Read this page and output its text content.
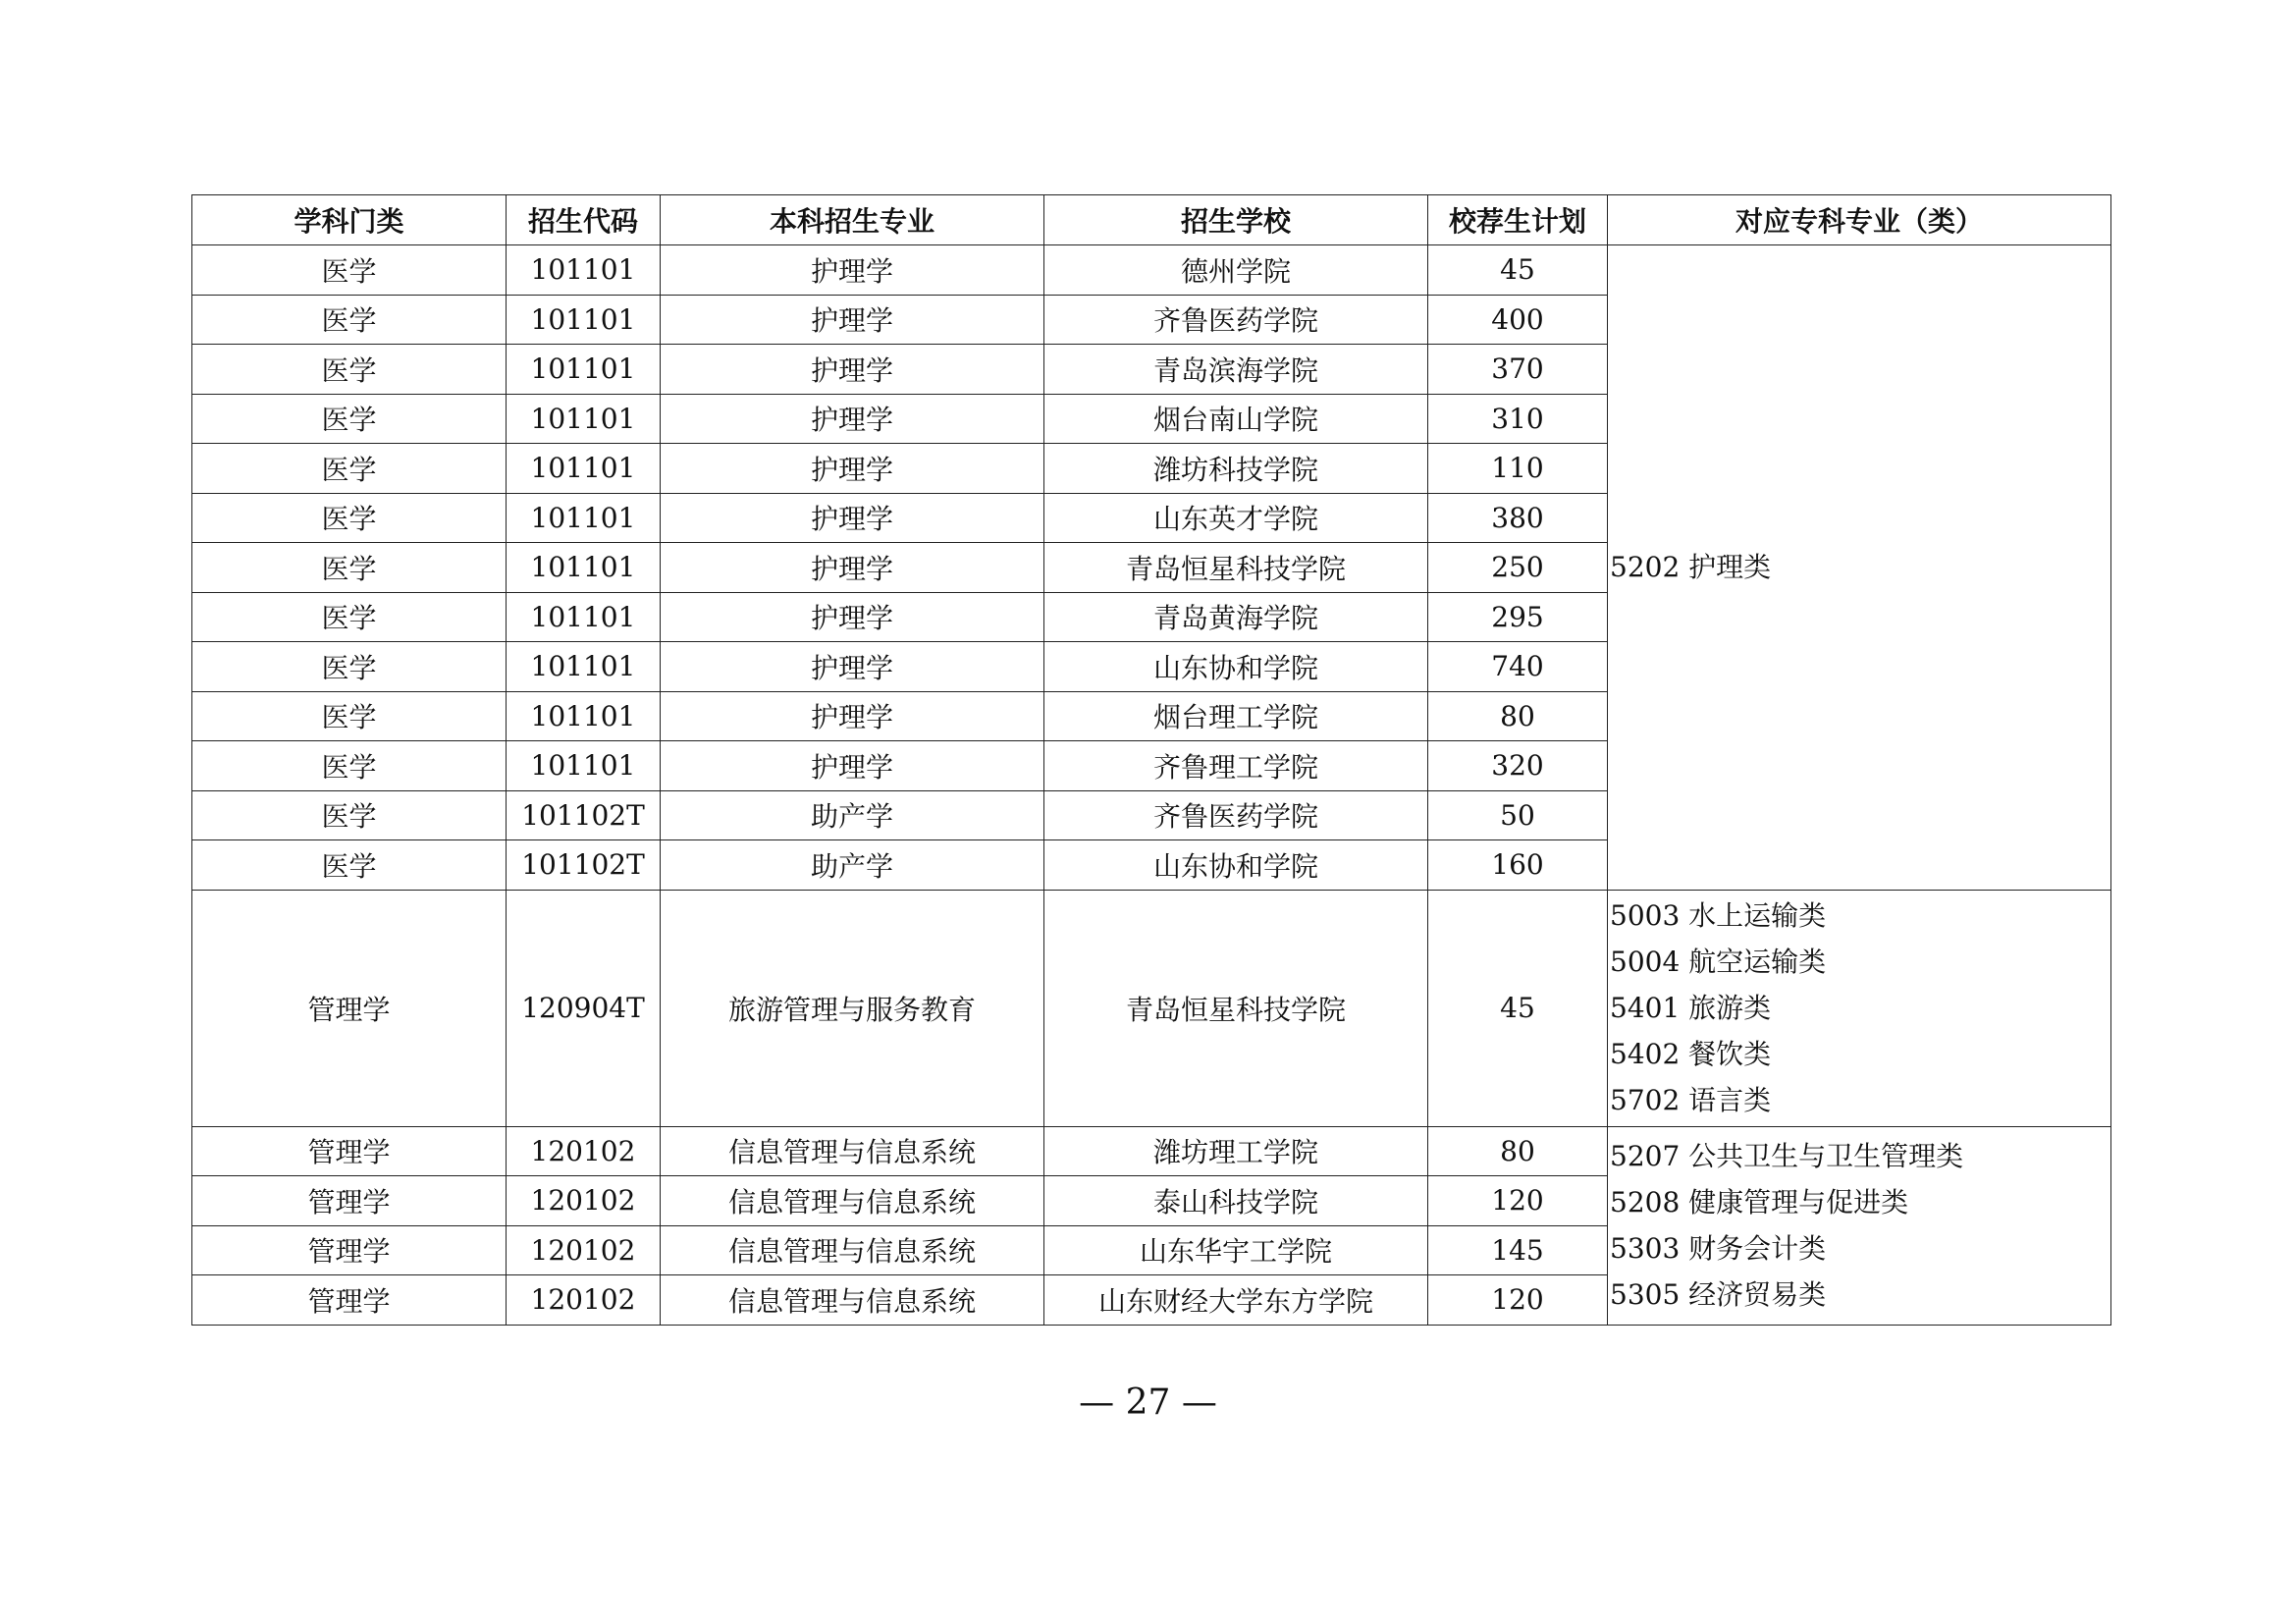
学科门类	招生代码	本科招生专业	招生学校	校荐生计划	对应专科专业（类）
医学	101101	护理学	德州学院	45	5202 护理类

医学	101101	护理学	齐鲁医药学院	400	
医学	101101	护理学	青岛滨海学院	370	
医学	101101	护理学	烟台南山学院	310	
医学	101101	护理学	潍坊科技学院	110	
医学	101101	护理学	山东英才学院	380	
医学	101101	护理学	青岛恒星科技学院	250	
医学	101101	护理学	青岛黄海学院	295	
医学	101101	护理学	山东协和学院	740	
医学	101101	护理学	烟台理工学院	80	
医学	101101	护理学	齐鲁理工学院	320	
医学	101102T	助产学	齐鲁医药学院	50	
医学	101102T	助产学	山东协和学院	160	
管理学	120904T	旅游管理与服务教育	青岛恒星科技学院	45	5003 水上运输类
5004 航空运输类
5401 旅游类
5402 餐饮类
5702 语言类

管理学	120102	信息管理与信息系统	潍坊理工学院	80	5207 公共卫生与卫生管理类
5208 健康管理与促进类
5303 财务会计类
5305 经济贸易类

管理学	120102	信息管理与信息系统	泰山科技学院	120	
管理学	120102	信息管理与信息系统	山东华宇工学院	145	
管理学	120102	信息管理与信息系统	山东财经大学东方学院	120	
— 27 —
